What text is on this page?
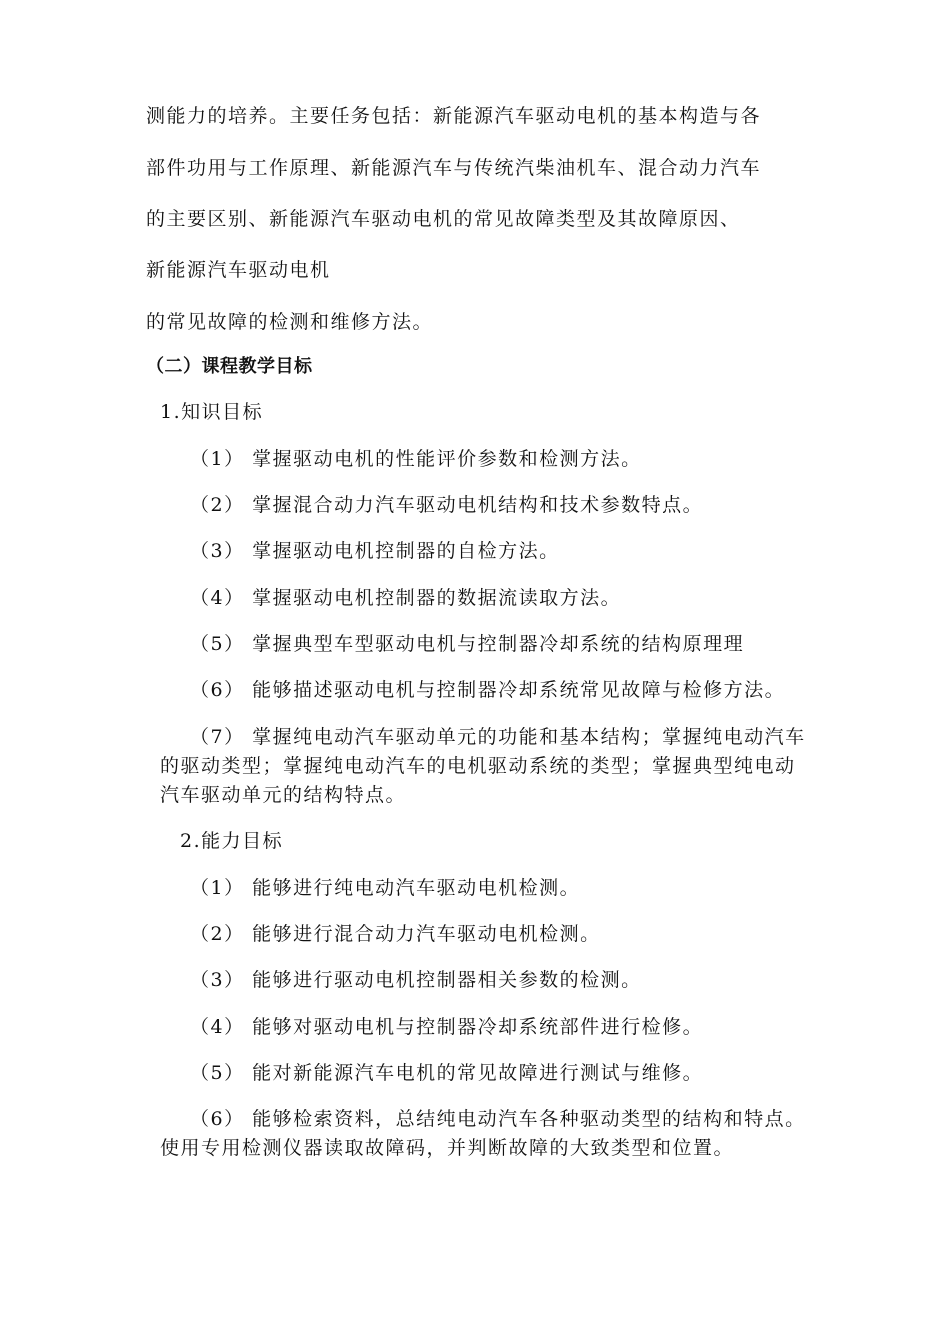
测能力的培养。主要任务包括：新能源汽车驱动电机的基本构造与各
部件功用与工作原理、新能源汽车与传统汽柴油机车、混合动力汽车
的主要区别、新能源汽车驱动电机的常见故障类型及其故障原因、
新能源汽车驱动电机
的常见故障的检测和维修方法。
（二）课程教学目标
1.知识目标
（1） 掌握驱动电机的性能评价参数和检测方法。
（2） 掌握混合动力汽车驱动电机结构和技术参数特点。
（3） 掌握驱动电机控制器的自检方法。
（4） 掌握驱动电机控制器的数据流读取方法。
（5） 掌握典型车型驱动电机与控制器冷却系统的结构原理理
（6） 能够描述驱动电机与控制器冷却系统常见故障与检修方法。
（7） 掌握纯电动汽车驱动单元的功能和基本结构；掌握纯电动汽车
的驱动类型；掌握纯电动汽车的电机驱动系统的类型；掌握典型纯电动
汽车驱动单元的结构特点。
2.能力目标
（1） 能够进行纯电动汽车驱动电机检测。
（2） 能够进行混合动力汽车驱动电机检测。
（3） 能够进行驱动电机控制器相关参数的检测。
（4） 能够对驱动电机与控制器冷却系统部件进行检修。
（5） 能对新能源汽车电机的常见故障进行测试与维修。
（6） 能够检索资料，总结纯电动汽车各种驱动类型的结构和特点。
使用专用检测仪器读取故障码，并判断故障的大致类型和位置。
